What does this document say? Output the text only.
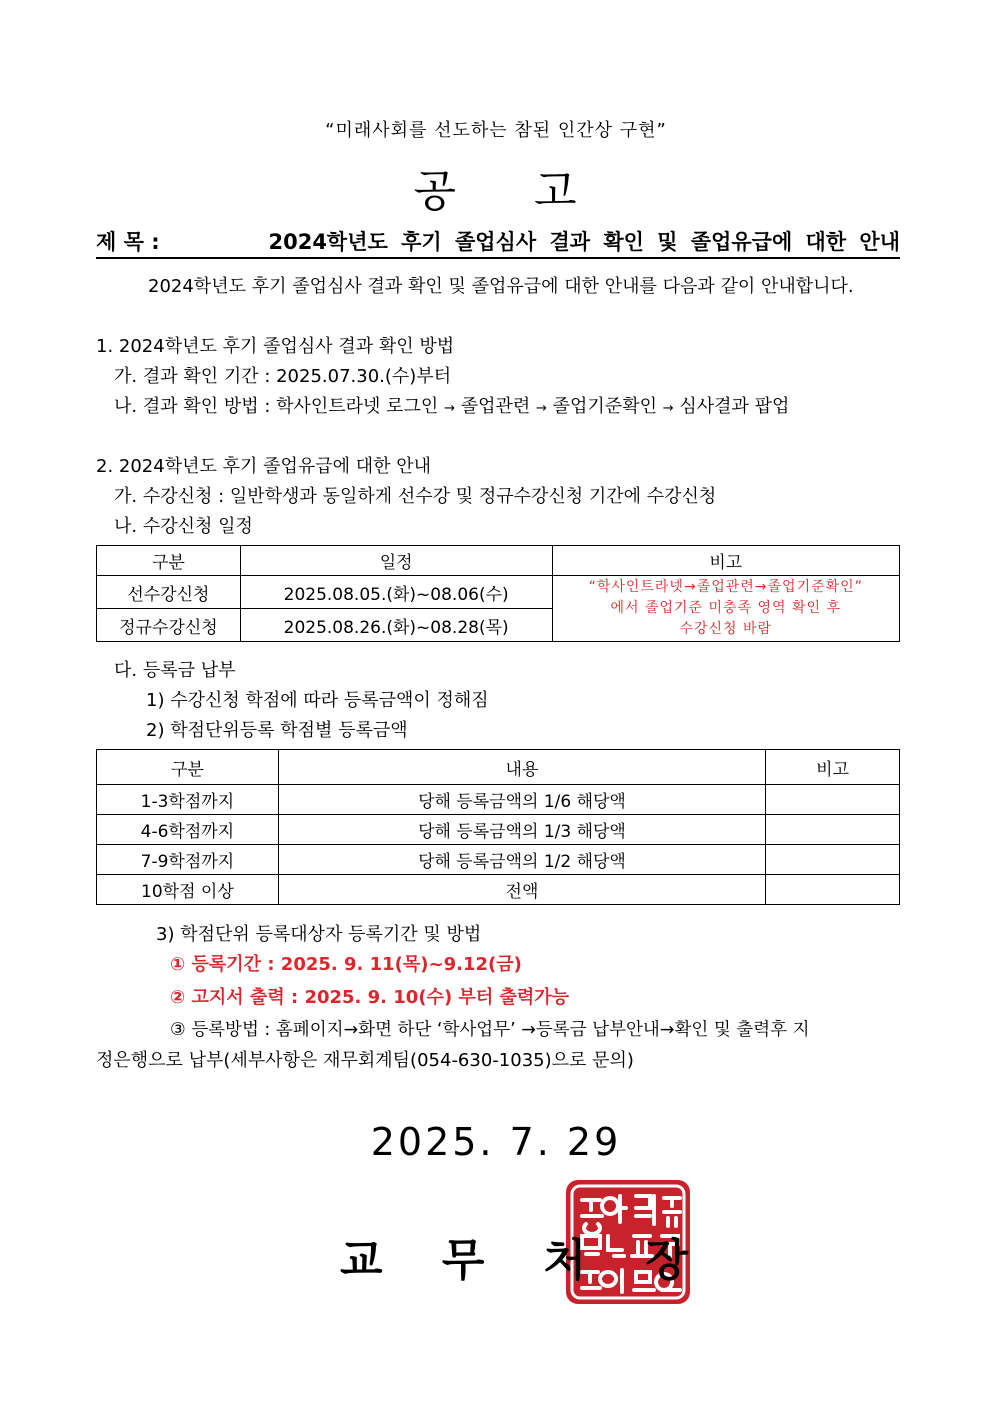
“미래사회를 선도하는 참된 인간상 구현”
공 고
제 목 :	2024학년도 후기 졸업심사 결과 확인 및 졸업유급에 대한 안내
2024학년도 후기 졸업심사 결과 확인 및 졸업유급에 대한 안내를 다음과 같이 안내합니다.
1. 2024학년도 후기 졸업심사 결과 확인 방법
가. 결과 확인 기간 : 2025.07.30.(수)부터
나. 결과 확인 방법 : 학사인트라넷 로그인 → 졸업관련 → 졸업기준확인 → 심사결과 팝업
2. 2024학년도 후기 졸업유급에 대한 안내
가. 수강신청 : 일반학생과 동일하게 선수강 및 정규수강신청 기간에 수강신청
나. 수강신청 일정
구분	일정	비고
선수강신청	2025.08.05.(화)~08.06(수)	“학사인트라넷→졸업관련→졸업기준확인”
에서 졸업기준 미충족 영역 확인 후
수강신청 바람

정규수강신청	2025.08.26.(화)~08.28(목)	
다. 등록금 납부
1) 수강신청 학점에 따라 등록금액이 정해짐
2) 학점단위등록 학점별 등록금액
구분	내용	비고
1-3학점까지	당해 등록금액의 1/6 해당액	
4-6학점까지	당해 등록금액의 1/3 해당액	
7-9학점까지	당해 등록금액의 1/2 해당액	
10학점 이상	전액	
3) 학점단위 등록대상자 등록기간 및 방법
① 등록기간 : 2025. 9. 11(목)~9.12(금)
② 고지서 출력 : 2025. 9. 10(수) 부터 출력가능
③ 등록방법 : 홈페이지→화면 하단 ‘학사업무’ →등록금 납부안내→확인 및 출력후 지
정은행으로 납부(세부사항은 재무회계팀(054-630-1035)으로 문의)
2025. 7. 29
교 무 처 장
